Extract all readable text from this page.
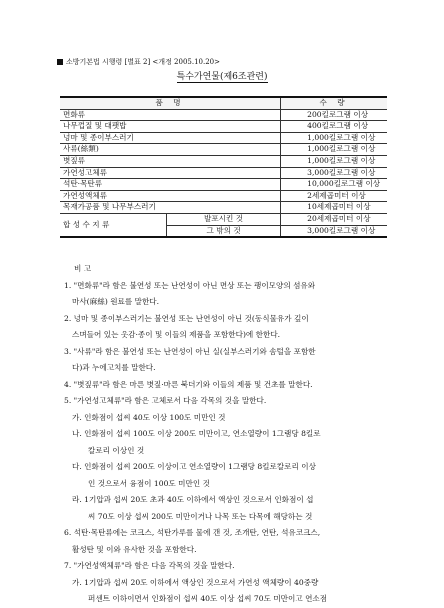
소방기본법 시행령 [별표 2] <개정 2005.10.20>
특수가연물(제6조관련)
품 명		수 량
면화류		200킬로그램 이상
나무껍질 및 대팻밥		400킬로그램 이상
넝마 및 종이부스러기		1,000킬로그램 이상
사류(絲類)		1,000킬로그램 이상
볏짚류		1,000킬로그램 이상
가연성고체류		3,000킬로그램 이상
석탄·목탄류		10,000킬로그램 이상
가연성액체류		2세제곱미터 이상
목재가공품 및 나무부스러기		10세제곱미터 이상
합 성 수 지 류	발포시킨 것	20세제곱미터 이상
	그 밖의 것	3,000킬로그램 이상
비 고
1. "면화류"라 함은 불연성 또는 난연성이 아닌 면상 또는 팽이모양의 섬유와
마사(麻絲) 원료를 말한다.
2. 넝마 및 종이부스러기는 불연성 또는 난연성이 아닌 것(동식물유가 깊이
스며들어 있는 옷감·종이 및 이들의 제품을 포함한다)에 한한다.
3. "사류"라 함은 불연성 또는 난연성이 아닌 실(실부스러기와 솜털을 포함한
다)과 누에고치를 말한다.
4. "볏짚류"라 함은 마른 볏짚·마른 북더기와 이들의 제품 및 건초를 말한다.
5. "가연성고체류"라 함은 고체로서 다음 각목의 것을 말한다.
가. 인화점이 섭씨 40도 이상 100도 미만인 것
나. 인화점이 섭씨 100도 이상 200도 미만이고, 연소열량이 1그램당 8킬로
칼로리 이상인 것
다. 인화점이 섭씨 200도 이상이고 연소열량이 1그램당 8킬로칼로리 이상
인 것으로서 융점이 100도 미만인 것
라. 1기압과 섭씨 20도 초과 40도 이하에서 액상인 것으로서 인화점이 섭
씨 70도 이상 섭씨 200도 미만이거나 나목 또는 다목에 해당하는 것
6. 석탄·목탄류에는 코크스, 석탄가루를 물에 갠 것, 조개탄, 연탄, 석유코크스,
활성탄 및 이와 유사한 것을 포함한다.
7. "가연성액체류"라 함은 다음 각목의 것을 말한다.
가. 1기압과 섭씨 20도 이하에서 액상인 것으로서 가연성 액체량이 40중량
퍼센트 이하이면서 인화점이 섭씨 40도 이상 섭씨 70도 미만이고 연소점
